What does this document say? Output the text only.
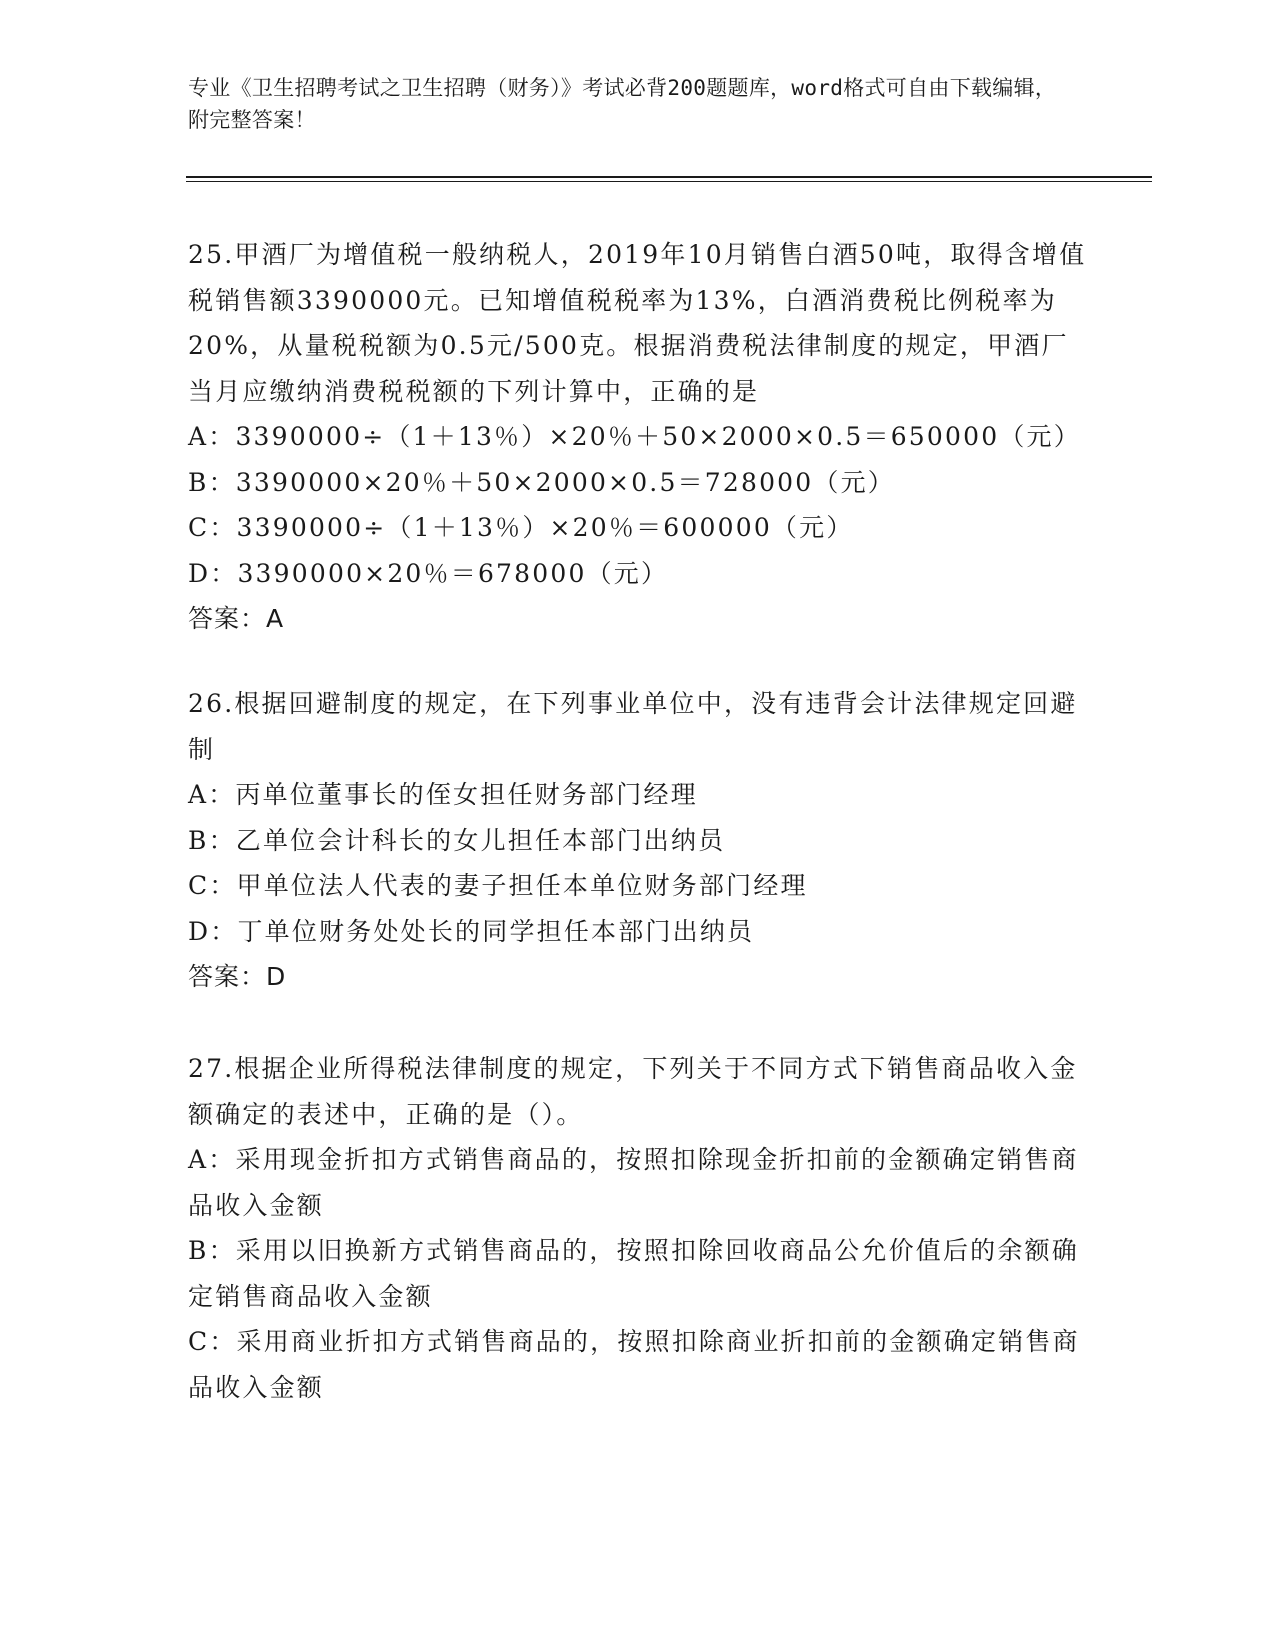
专业《卫生招聘考试之卫生招聘（财务）》考试必背200题题库，word格式可自由下载编辑，附完整答案！

25.甲酒厂为增值税一般纳税人，2019年10月销售白酒50吨，取得含增值税销售额3390000元。已知增值税税率为13%，白酒消费税比例税率为20%，从量税税额为0.5元/500克。根据消费税法律制度的规定，甲酒厂当月应缴纳消费税税额的下列计算中，正确的是

A：3390000÷（1＋13％）×20％＋50×2000×0.5＝650000（元）

B：3390000×20％＋50×2000×0.5＝728000（元）

C：3390000÷（1＋13％）×20％＝600000（元）

D：3390000×20％＝678000（元）

答案：A

26.根据回避制度的规定，在下列事业单位中，没有违背会计法律规定回避制

A：丙单位董事长的侄女担任财务部门经理

B：乙单位会计科长的女儿担任本部门出纳员

C：甲单位法人代表的妻子担任本单位财务部门经理

D：丁单位财务处处长的同学担任本部门出纳员

答案：D

27.根据企业所得税法律制度的规定，下列关于不同方式下销售商品收入金额确定的表述中，正确的是（）。

A：采用现金折扣方式销售商品的，按照扣除现金折扣前的金额确定销售商品收入金额

B：采用以旧换新方式销售商品的，按照扣除回收商品公允价值后的余额确定销售商品收入金额

C：采用商业折扣方式销售商品的，按照扣除商业折扣前的金额确定销售商品收入金额
